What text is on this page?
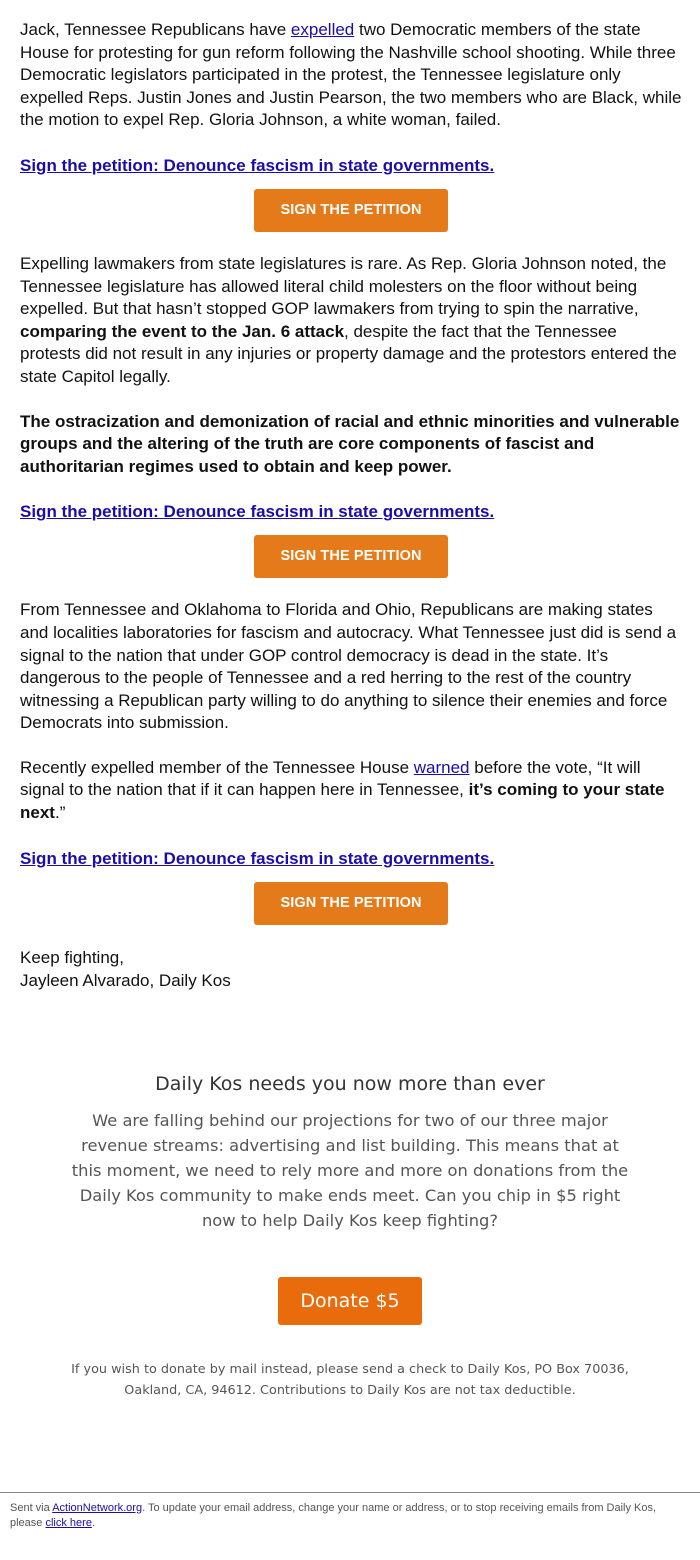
Jack, Tennessee Republicans have expelled two Democratic members of the state House for protesting for gun reform following the Nashville school shooting. While three Democratic legislators participated in the protest, the Tennessee legislature only expelled Reps. Justin Jones and Justin Pearson, the two members who are Black, while the motion to expel Rep. Gloria Johnson, a white woman, failed.

Sign the petition: Denounce fascism in state governments.
SIGN THE PETITION

Expelling lawmakers from state legislatures is rare. As Rep. Gloria Johnson noted, the Tennessee legislature has allowed literal child molesters on the floor without being expelled. But that hasn’t stopped GOP lawmakers from trying to spin the narrative, comparing the event to the Jan. 6 attack, despite the fact that the Tennessee protests did not result in any injuries or property damage and the protestors entered the state Capitol legally.

The ostracization and demonization of racial and ethnic minorities and vulnerable groups and the altering of the truth are core components of fascist and authoritarian regimes used to obtain and keep power.

Sign the petition: Denounce fascism in state governments.
SIGN THE PETITION

From Tennessee and Oklahoma to Florida and Ohio, Republicans are making states and localities laboratories for fascism and autocracy. What Tennessee just did is send a signal to the nation that under GOP control democracy is dead in the state. It’s dangerous to the people of Tennessee and a red herring to the rest of the country witnessing a Republican party willing to do anything to silence their enemies and force Democrats into submission.

Recently expelled member of the Tennessee House warned before the vote, “It will signal to the nation that if it can happen here in Tennessee, it’s coming to your state next.”

Sign the petition: Denounce fascism in state governments.
SIGN THE PETITION
Keep fighting,
Jayleen Alvarado, Daily Kos
Daily Kos needs you now more than ever
We are falling behind our projections for two of our three major revenue streams: advertising and list building. This means that at this moment, we need to rely more and more on donations from the Daily Kos community to make ends meet. Can you chip in $5 right now to help Daily Kos keep fighting?
Donate $5
If you wish to donate by mail instead, please send a check to Daily Kos, PO Box 70036, Oakland, CA, 94612. Contributions to Daily Kos are not tax deductible.
Sent via ActionNetwork.org. To update your email address, change your name or address, or to stop receiving emails from Daily Kos, please click here.
